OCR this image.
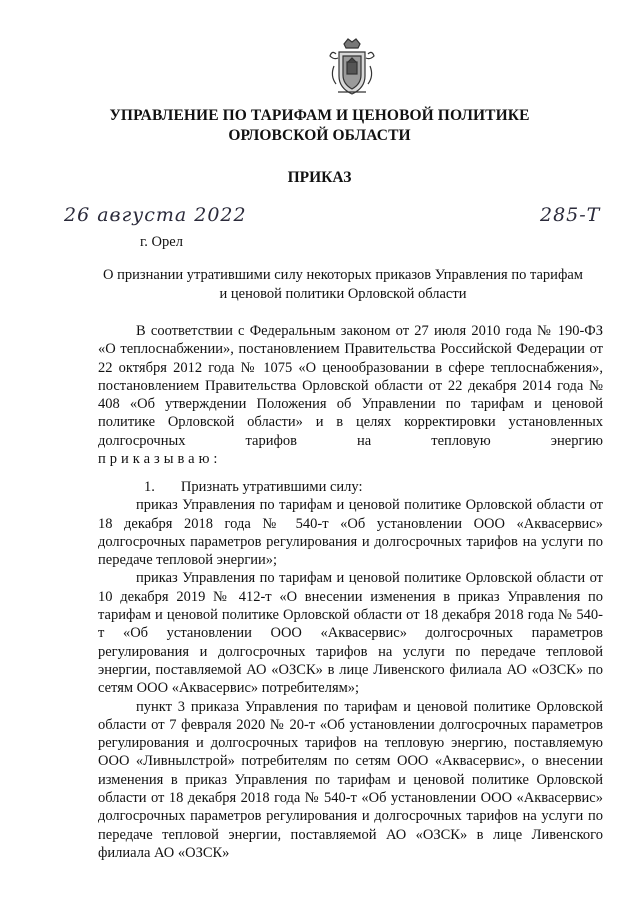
УПРАВЛЕНИЕ ПО ТАРИФАМ И ЦЕНОВОЙ ПОЛИТИКЕ
ОРЛОВСКОЙ ОБЛАСТИ
ПРИКАЗ
26 августа 2022	285-Т
г. Орел
О признании утратившими силу некоторых приказов Управления по тарифам
и ценовой политики Орловской области

В соответствии с Федеральным законом от 27 июля 2010 года № 190-ФЗ «О теплоснабжении», постановлением Правительства Российской Федерации от 22 октября 2012 года № 1075 «О ценообразовании в сфере теплоснабжения», постановлением Правительства Орловской области от 22 декабря 2014 года № 408 «Об утверждении Положения об Управлении по тарифам и ценовой политике Орловской области» и в целях корректировки установленных долгосрочных тарифов на тепловую энергию

приказываю:

1. Признать утратившими силу:

приказ Управления по тарифам и ценовой политике Орловской области от 18 декабря 2018 года № 540-т «Об установлении ООО «Аквасервис» долгосрочных параметров регулирования и долгосрочных тарифов на услуги по передаче тепловой энергии»;

приказ Управления по тарифам и ценовой политике Орловской области от 10 декабря 2019 № 412-т «О внесении изменения в приказ Управления по тарифам и ценовой политике Орловской области от 18 декабря 2018 года № 540-т «Об установлении ООО «Аквасервис» долгосрочных параметров регулирования и долгосрочных тарифов на услуги по передаче тепловой энергии, поставляемой АО «ОЗСК» в лице Ливенского филиала АО «ОЗСК» по сетям ООО «Аквасервис» потребителям»;

пункт 3 приказа Управления по тарифам и ценовой политике Орловской области от 7 февраля 2020 № 20-т «Об установлении долгосрочных параметров регулирования и долгосрочных тарифов на тепловую энергию, поставляемую ООО «Ливнылстрой» потребителям по сетям ООО «Аквасервис», о внесении изменения в приказ Управления по тарифам и ценовой политике Орловской области от 18 декабря 2018 года № 540-т «Об установлении ООО «Аквасервис» долгосрочных параметров регулирования и долгосрочных тарифов на услуги по передаче тепловой энергии, поставляемой АО «ОЗСК» в лице Ливенского филиала АО «ОЗСК»
